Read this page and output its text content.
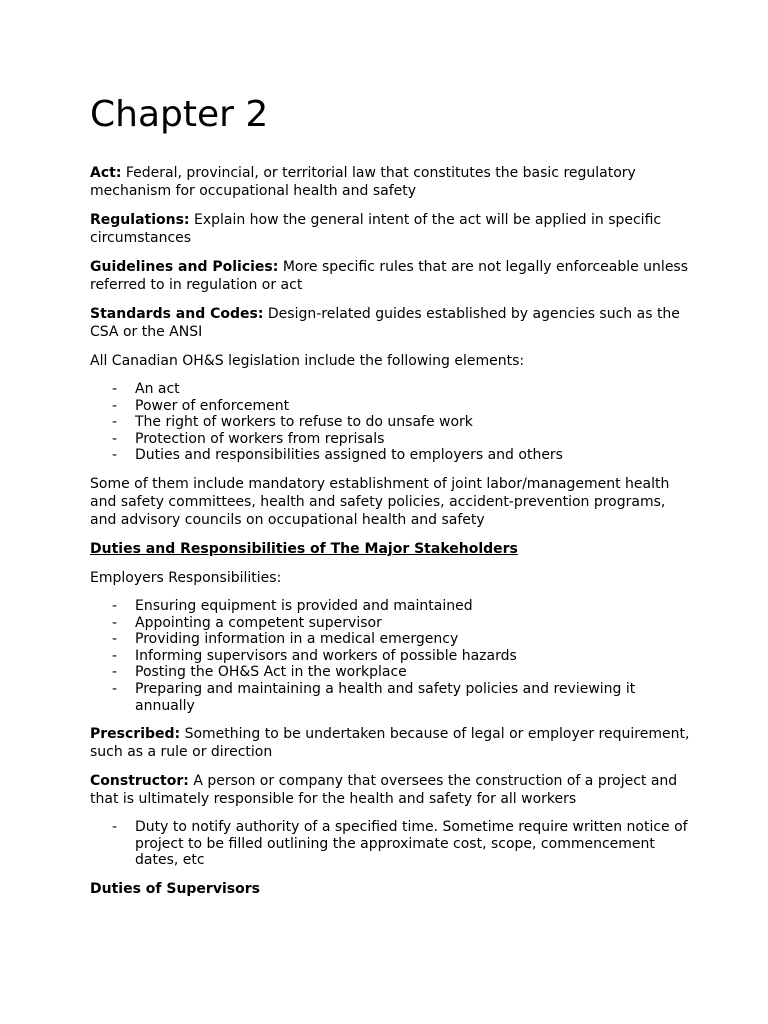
Chapter 2

Act: Federal, provincial, or territorial law that constitutes the basic regulatory mechanism for occupational health and safety

Regulations: Explain how the general intent of the act will be applied in specific circumstances

Guidelines and Policies: More specific rules that are not legally enforceable unless referred to in regulation or act

Standards and Codes: Design-related guides established by agencies such as the CSA or the ANSI

All Canadian OH&S legislation include the following elements:

- An act
- Power of enforcement
- The right of workers to refuse to do unsafe work
- Protection of workers from reprisals
- Duties and responsibilities assigned to employers and others

Some of them include mandatory establishment of joint labor/management health and safety committees, health and safety policies, accident-prevention programs, and advisory councils on occupational health and safety

Duties and Responsibilities of The Major Stakeholders

Employers Responsibilities:

- Ensuring equipment is provided and maintained
- Appointing a competent supervisor
- Providing information in a medical emergency
- Informing supervisors and workers of possible hazards
- Posting the OH&S Act in the workplace
- Preparing and maintaining a health and safety policies and reviewing it annually

Prescribed: Something to be undertaken because of legal or employer requirement, such as a rule or direction

Constructor: A person or company that oversees the construction of a project and that is ultimately responsible for the health and safety for all workers

- Duty to notify authority of a specified time. Sometime require written notice of project to be filled outlining the approximate cost, scope, commencement dates, etc

Duties of Supervisors
